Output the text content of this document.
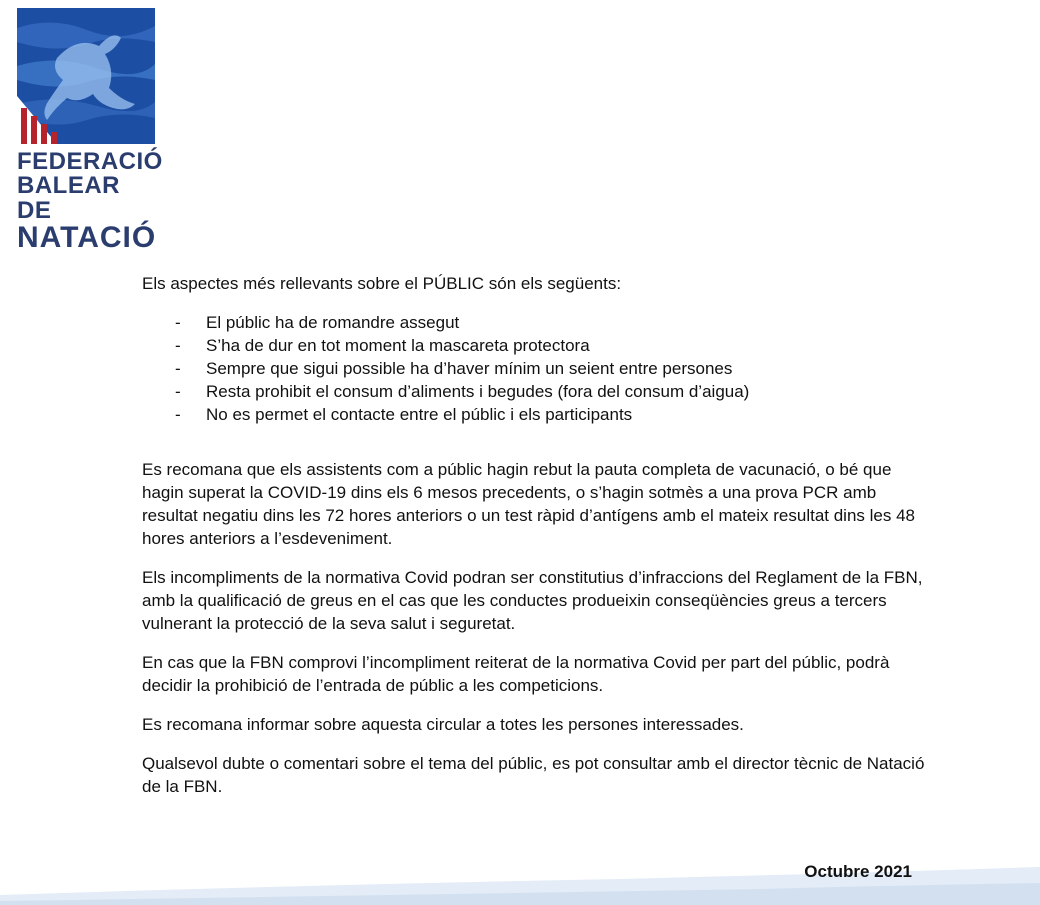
FEDERACIÓ
BALEAR DE
NATACIÓ

Els aspectes més rellevants sobre el PÚBLIC són els següents:

- El públic ha de romandre assegut
- S’ha de dur en tot moment la mascareta protectora
- Sempre que sigui possible ha d’haver mínim un seient entre persones
- Resta prohibit el consum d’aliments i begudes (fora del consum d’aigua)
- No es permet el contacte entre el públic i els participants

Es recomana que els assistents com a públic hagin rebut la pauta completa de vacunació, o bé que hagin superat la COVID-19 dins els 6 mesos precedents, o s’hagin sotmès a una prova PCR amb resultat negatiu dins les 72 hores anteriors o un test ràpid d’antígens amb el mateix resultat dins les 48 hores anteriors a l’esdeveniment.

Els incompliments de la normativa Covid podran ser constitutius d’infraccions del Reglament de la FBN, amb la qualificació de greus en el cas que les conductes produeixin conseqüències greus a tercers vulnerant la protecció de la seva salut i seguretat.

En cas que la FBN comprovi l’incompliment reiterat de la normativa Covid per part del públic, podrà decidir la prohibició de l’entrada de públic a les competicions.

Es recomana informar sobre aquesta circular a totes les persones interessades.

Qualsevol dubte o comentari sobre el tema del públic, es pot consultar amb el director tècnic de Natació de la FBN.

Octubre 2021
